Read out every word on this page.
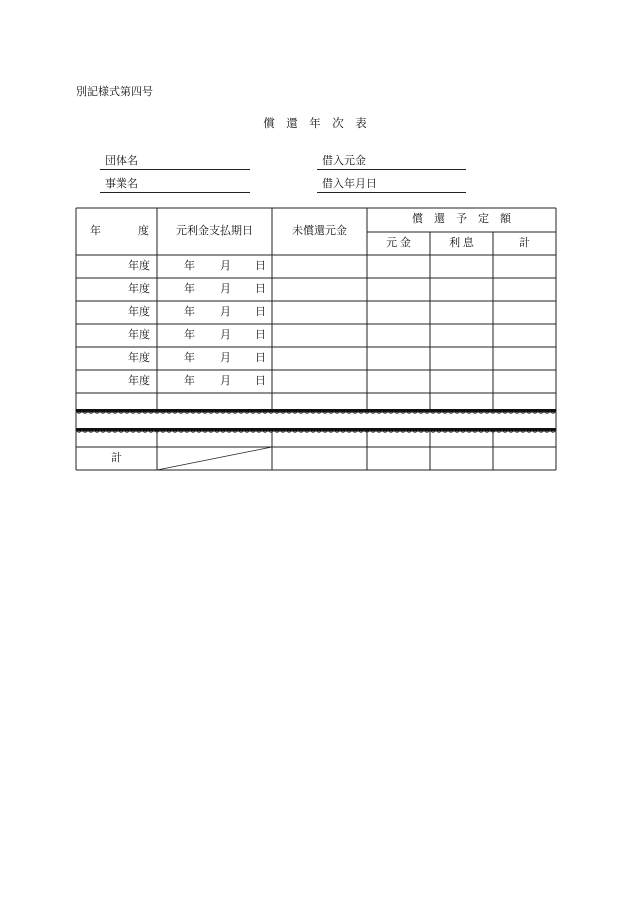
別記様式第四号
償　還　年　次　表
団体名	借入元金
事業名	借入年月日
年　　度	元利金支払期日	未償還元金
償　還　予　定　額
元 金	利 息	計
年度	年 月 日
年度	年 月 日
年度	年 月 日
年度	年 月 日
年度	年 月 日
年度	年 月 日
計
